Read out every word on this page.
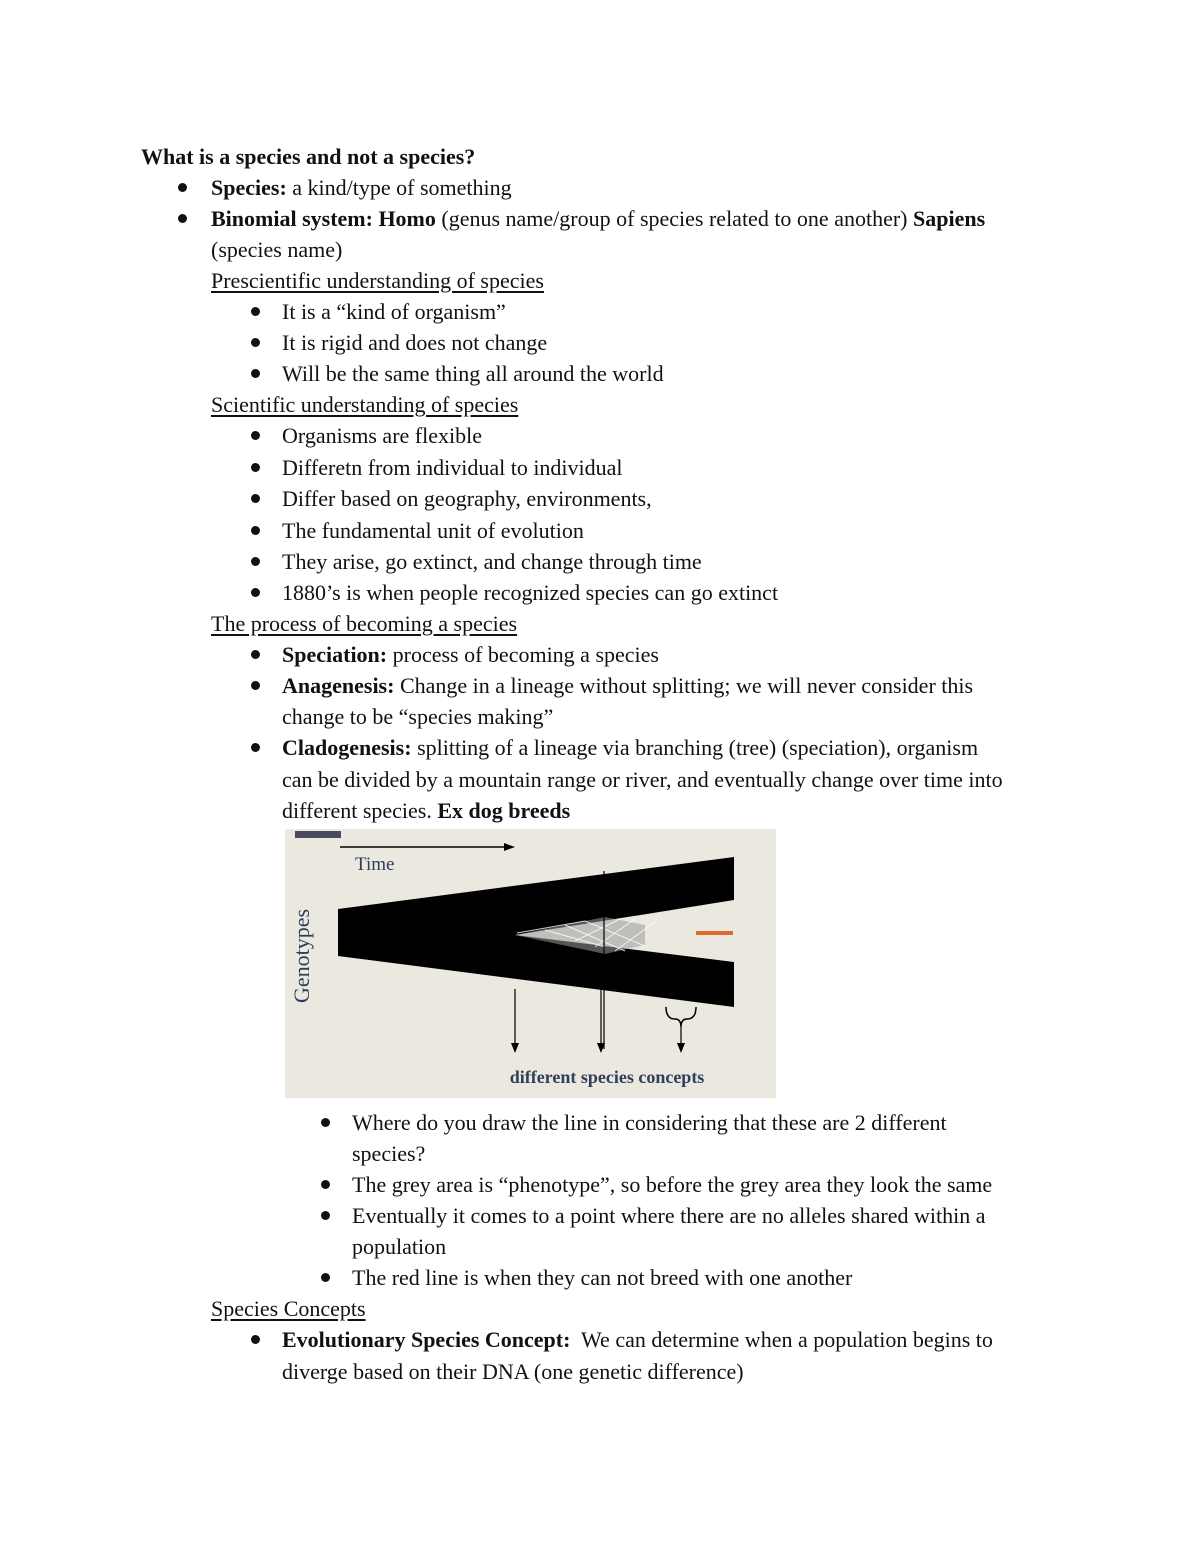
What is a species and not a species?
Species: a kind/type of something
Binomial system: Homo (genus name/group of species related to one another) Sapiens
(species name)
Prescientific understanding of species
It is a “kind of organism”
It is rigid and does not change
Will be the same thing all around the world
Scientific understanding of species
Organisms are flexible
Differetn from individual to individual
Differ based on geography, environments,
The fundamental unit of evolution
They arise, go extinct, and change through time
1880’s is when people recognized species can go extinct
The process of becoming a species
Speciation: process of becoming a species
Anagenesis: Change in a lineage without splitting; we will never consider this
change to be “species making”
Cladogenesis: splitting of a lineage via branching (tree) (speciation), organism
can be divided by a mountain range or river, and eventually change over time into
different species. Ex dog breeds
Time
Genotypes
different species concepts
Where do you draw the line in considering that these are 2 different
species?
The grey area is “phenotype”, so before the grey area they look the same
Eventually it comes to a point where there are no alleles shared within a
population
The red line is when they can not breed with one another
Species Concepts
Evolutionary Species Concept:  We can determine when a population begins to
diverge based on their DNA (one genetic difference)
